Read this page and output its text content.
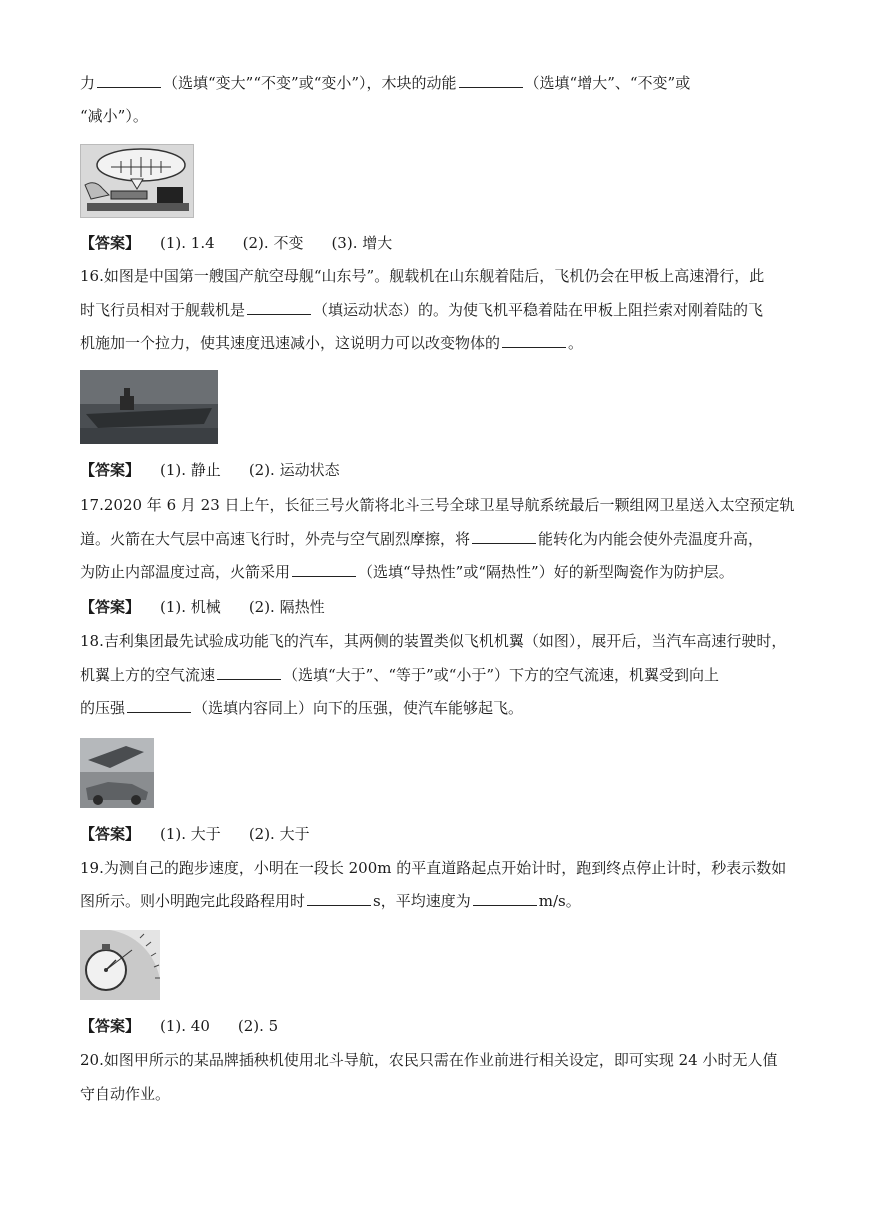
力	（选填“变大”“不变”或“变小”），木块的动能	（选填“增大”、“不变”或
“减小”）。
【答案】 (1). 1.4 (2). 不变 (3). 增大
16.如图是中国第一艘国产航空母舰“山东号”。舰载机在山东舰着陆后，飞机仍会在甲板上高速滑行，此
时飞行员相对于舰载机是	（填运动状态）的。为使飞机平稳着陆在甲板上阻拦索对刚着陆的飞
机施加一个拉力，使其速度迅速减小，这说明力可以改变物体的	。
【答案】 (1). 静止 (2). 运动状态
17.2020 年 6 月 23 日上午，长征三号火箭将北斗三号全球卫星导航系统最后一颗组网卫星送入太空预定轨
道。火箭在大气层中高速飞行时，外壳与空气剧烈摩擦，将	能转化为内能会使外壳温度升高，
为防止内部温度过高，火箭采用	（选填“导热性”或“隔热性”）好的新型陶瓷作为防护层。
【答案】 (1). 机械 (2). 隔热性
18.吉利集团最先试验成功能飞的汽车，其两侧的装置类似飞机机翼（如图），展开后，当汽车高速行驶时，
机翼上方的空气流速	（选填“大于”、“等于”或“小于”）下方的空气流速，机翼受到向上
的压强	（选填内容同上）向下的压强，使汽车能够起飞。
【答案】 (1). 大于 (2). 大于
19.为测自己的跑步速度，小明在一段长 200m 的平直道路起点开始计时，跑到终点停止计时，秒表示数如
图所示。则小明跑完此段路程用时	s，平均速度为	m/s。
【答案】 (1). 40 (2). 5
20.如图甲所示的某品牌插秧机使用北斗导航，农民只需在作业前进行相关设定，即可实现 24 小时无人值
守自动作业。
